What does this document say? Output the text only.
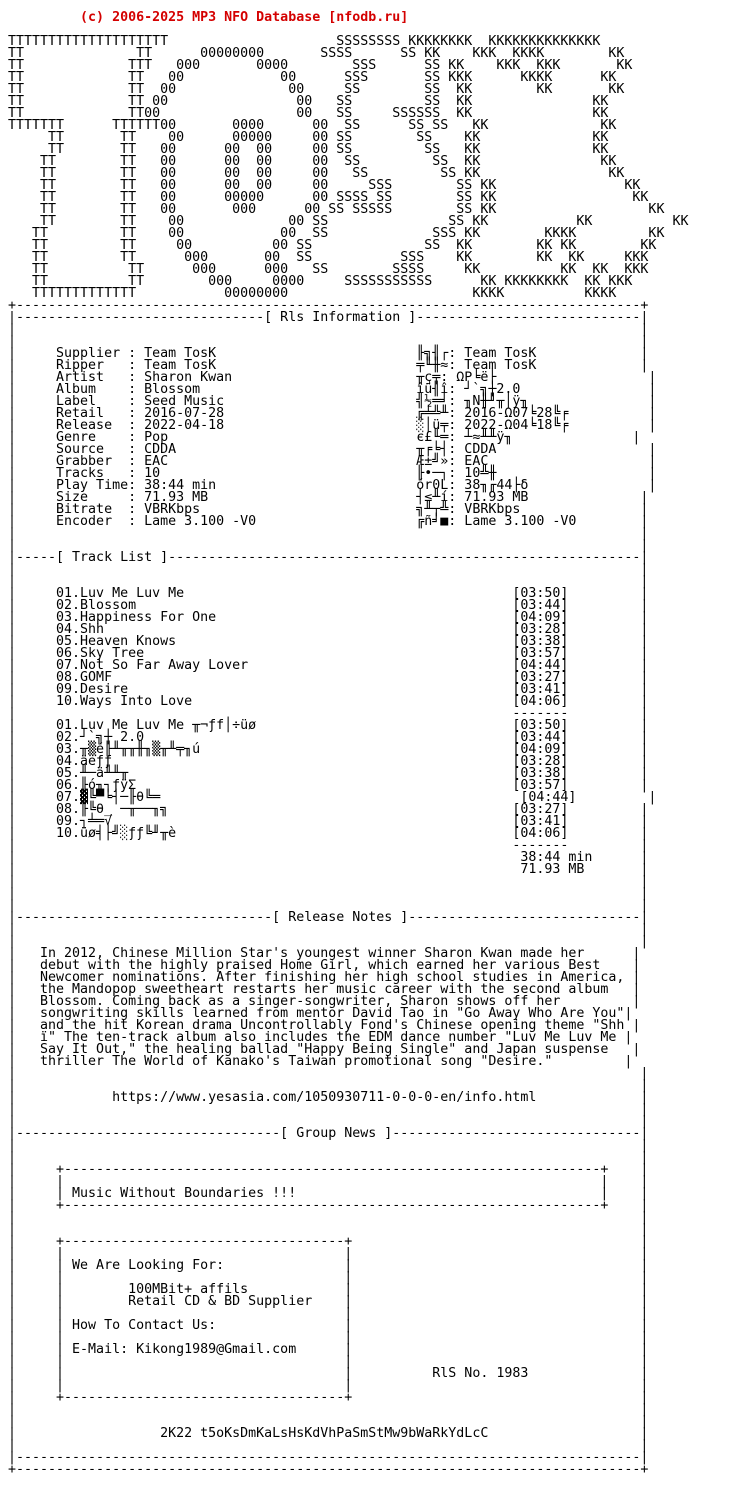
(c) 2006-2025 MP3 NFO Database [nfodb.ru]

TTTTTTTTTTTTTTTTTTTT                     SSSSSSSS KKKKKKKK  KKKKKKKKKKKKKK
TT              TT      00000000       SSSS      SS KK    KKK  KKKK        KK
TT             TTT   000       0000        SSS      SS KK    KKK  KKK       KK
TT             TT   00            00      SSS       SS KKK      KKKK      KK
TT             TT  00              00     SS        SS  KK        KK       KK
TT             TT 00                00   SS         SS  KK               KK
TT             TT00                 00   SS     SSSSSS  KK               KK
TTTTTTT      TTTTTT00       0000      00  SS      SS SS   KK              KK
TT       TT    00      00000     00 SS        SS    KK              KK
TT       TT   00      00  00     00 SS         SS   KK              KK
TT        TT   00      00  00     00  SS         SS  KK               KK
TT        TT   00      00  00     00   SS         SS KK                KK
TT        TT   00      00  00     00     SSS        SS KK                KK
TT        TT   00      00000      00 SSSS SS        SS KK                 KK
TT        TT   00       000      00 SS SSSSS        SS KK                   KK
TT        TT    00             00 SS               SS KK           KK          KK
TT         TT    00            00  SS             SSS KK        KKKK         KK
TT         TT     00          00 SS              SS  KK        KK KK        KK
TT         TT      000       00  SS           SSS    KK        KK  KK     KKK
TT          TT      000      000   SS        SSSS     KK          KK  KK  KKK
TT          TT        000     0000     SSSSSSSSSSS      KK KKKKKKKK  KK KKK
TTTTTTTTTTTTT           00000000                       KKKK          KKKK
+------------------------------------------------------------------------------+
|-------------------------------[ Rls Information ]----------------------------|
|                                                                              |
|                                                                              |
|     Supplier : Team TosK                         ╟╗╢┌: Team TosK             |
|     Ripper   : Team TosK                         ╤╙╫≈: Team TosK             |
|     Artist   : Sharon Kwan                       ╥ç╤: ΩΡ╘ë├                   |
|     Album    : Blossom                           îü╢î: ┘`╗┼2.0                |
|     Label    : Seed Music                        ╣½═╛: ╖N╫╜╥│ÿ╖               |
|     Retail   : 2016-07-28                        ╔╧╩╨: 2016-Ω07╘28╚╒          |
|     Release  : 2022-04-18                        ░│ü╤: 2022-Ω04╘18╚╒          |
|     Genre    : Pop                               є£╙═: ┴≈╨╨ÿ╖               |
|     Source   : CDDA                              ╥╒╘┤: CDDA                   |
|     Grabber  : EAC                               Æ±╝»: EAC                    |
|     Tracks   : 10                                ╟•─┐: 10╩╫                   |
|     Play Time: 38:44 min                         ór0L: 38╖╓44├δ               |
|     Size     : 71.93 MB                          ┤≤╨í: 71.93 MB              |
|     Bitrate  : VBRKbps                           ╗╨┬╩: VBRKbps               |
|     Encoder  : Lame 3.100 -V0                    ╔ñ╛■: Lame 3.100 -V0        |
|                                                                              |
|                                                                              |
|-----[ Track List ]-----------------------------------------------------------|
|                                                                              |
|                                                                              |
|     01.Luv Me Luv Me                                         [03:50]         |
|     02.Blossom                                               [03:44]         |
|     03.Happiness For One                                     [04:09]         |
|     04.Shh                                                   [03:28]         |
|     05.Heaven Knows                                          [03:38]         |
|     06.Sky Tree                                              [03:57]         |
|     07.Not So Far Away Lover                                 [04:44]         |
|     08.GOMF                                                  [03:27]         |
|     09.Desire                                                [03:41]         |
|     10.Ways Into Love                                        [04:06]         |
|                                                              -------         |
|     01.Luv Me Luv Me ╥¬ƒf│÷üø                                [03:50]         |
|     02.┘`╗┼ 2.0                                              [03:44]         |
|     03.╥▒é╟╨╥╥╫╖▒╥╨╤╖ú                                       [04:09]         |
|     04.äeƒƒ                                                  [03:28]         |
|     05.╨─ä╨╨╥                                                [03:38]         |
|     06.╟ó╖┐ƒÿΣ                                               [03:57]         |
|     07.▓╚▀╘┤─╟θ╚═                                             [04:44]         |
|     08.╟╚θ_ ─╥──╖╗                                           [03:27]         |
|     09.┐╧═√                                                  [03:41]         |
|     10.üø╡├╝░ƒƒ╚╜╥è                                          [04:06]         |
|                                                              -------         |
|                                                               38:44 min      |
|                                                               71.93 MB       |
|                                                                              |
|                                                                              |
|                                                                              |
|--------------------------------[ Release Notes ]-----------------------------|
|                                                                              |
|                                                                              |
|   In 2012, Chinese Million Star's youngest winner Sharon Kwan made her      |
|   debut with the highly praised Home Girl, which earned her various Best    |
|   Newcomer nominations. After finishing her high school studies in America, |
|   the Mandopop sweetheart restarts her music career with the second album   |
|   Blossom. Coming back as a singer-songwriter, Sharon shows off her         |
|   songwriting skills learned from mentor David Tao in "Go Away Who Are You"|
|   and the hit Korean drama Uncontrollably Fond's Chinese opening theme "Shh |
|   ï" The ten-track album also includes the EDM dance number "Luv Me Luv Me |
|   Say It Out," the healing ballad "Happy Being Single" and Japan suspense   |
|   thriller The World of Kanako's Taiwan promotional song "Desire."         |
|                                                                              |
|                                                                              |
|            https://www.yesasia.com/1050930711-0-0-0-en/info.html             |
|                                                                              |
|                                                                              |
|---------------------------------[ Group News ]-------------------------------|
|                                                                              |
|                                                                              |
|     +-------------------------------------------------------------------+    |
|     |                                                                   |    |
|     | Music Without Boundaries !!!                                      |    |
|     +-------------------------------------------------------------------+    |
|                                                                              |
|                                                                              |
|     +-----------------------------------+                                    |
|     |                                   |                                    |
|     | We Are Looking For:               |                                    |
|     |                                   |                                    |
|     |        100MBit+ affils            |                                    |
|     |        Retail CD & BD Supplier    |                                    |
|     |                                   |                                    |
|     | How To Contact Us:                |                                    |
|     |                                   |                                    |
|     | E-Mail: Kikong1989@Gmail.com      |                                    |
|     |                                   |                                    |
|     |                                   |          RlS No. 1983              |
|     |                                   |                                    |
|     +-----------------------------------+                                    |
|                                                                              |
|                                                                              |
|                  2K22 t5oKsDmKaLsHsKdVhPaSmStMw9bWaRkYdLcC                   |
|                                                                              |
|------------------------------------------------------------------------------|
+------------------------------------------------------------------------------+
